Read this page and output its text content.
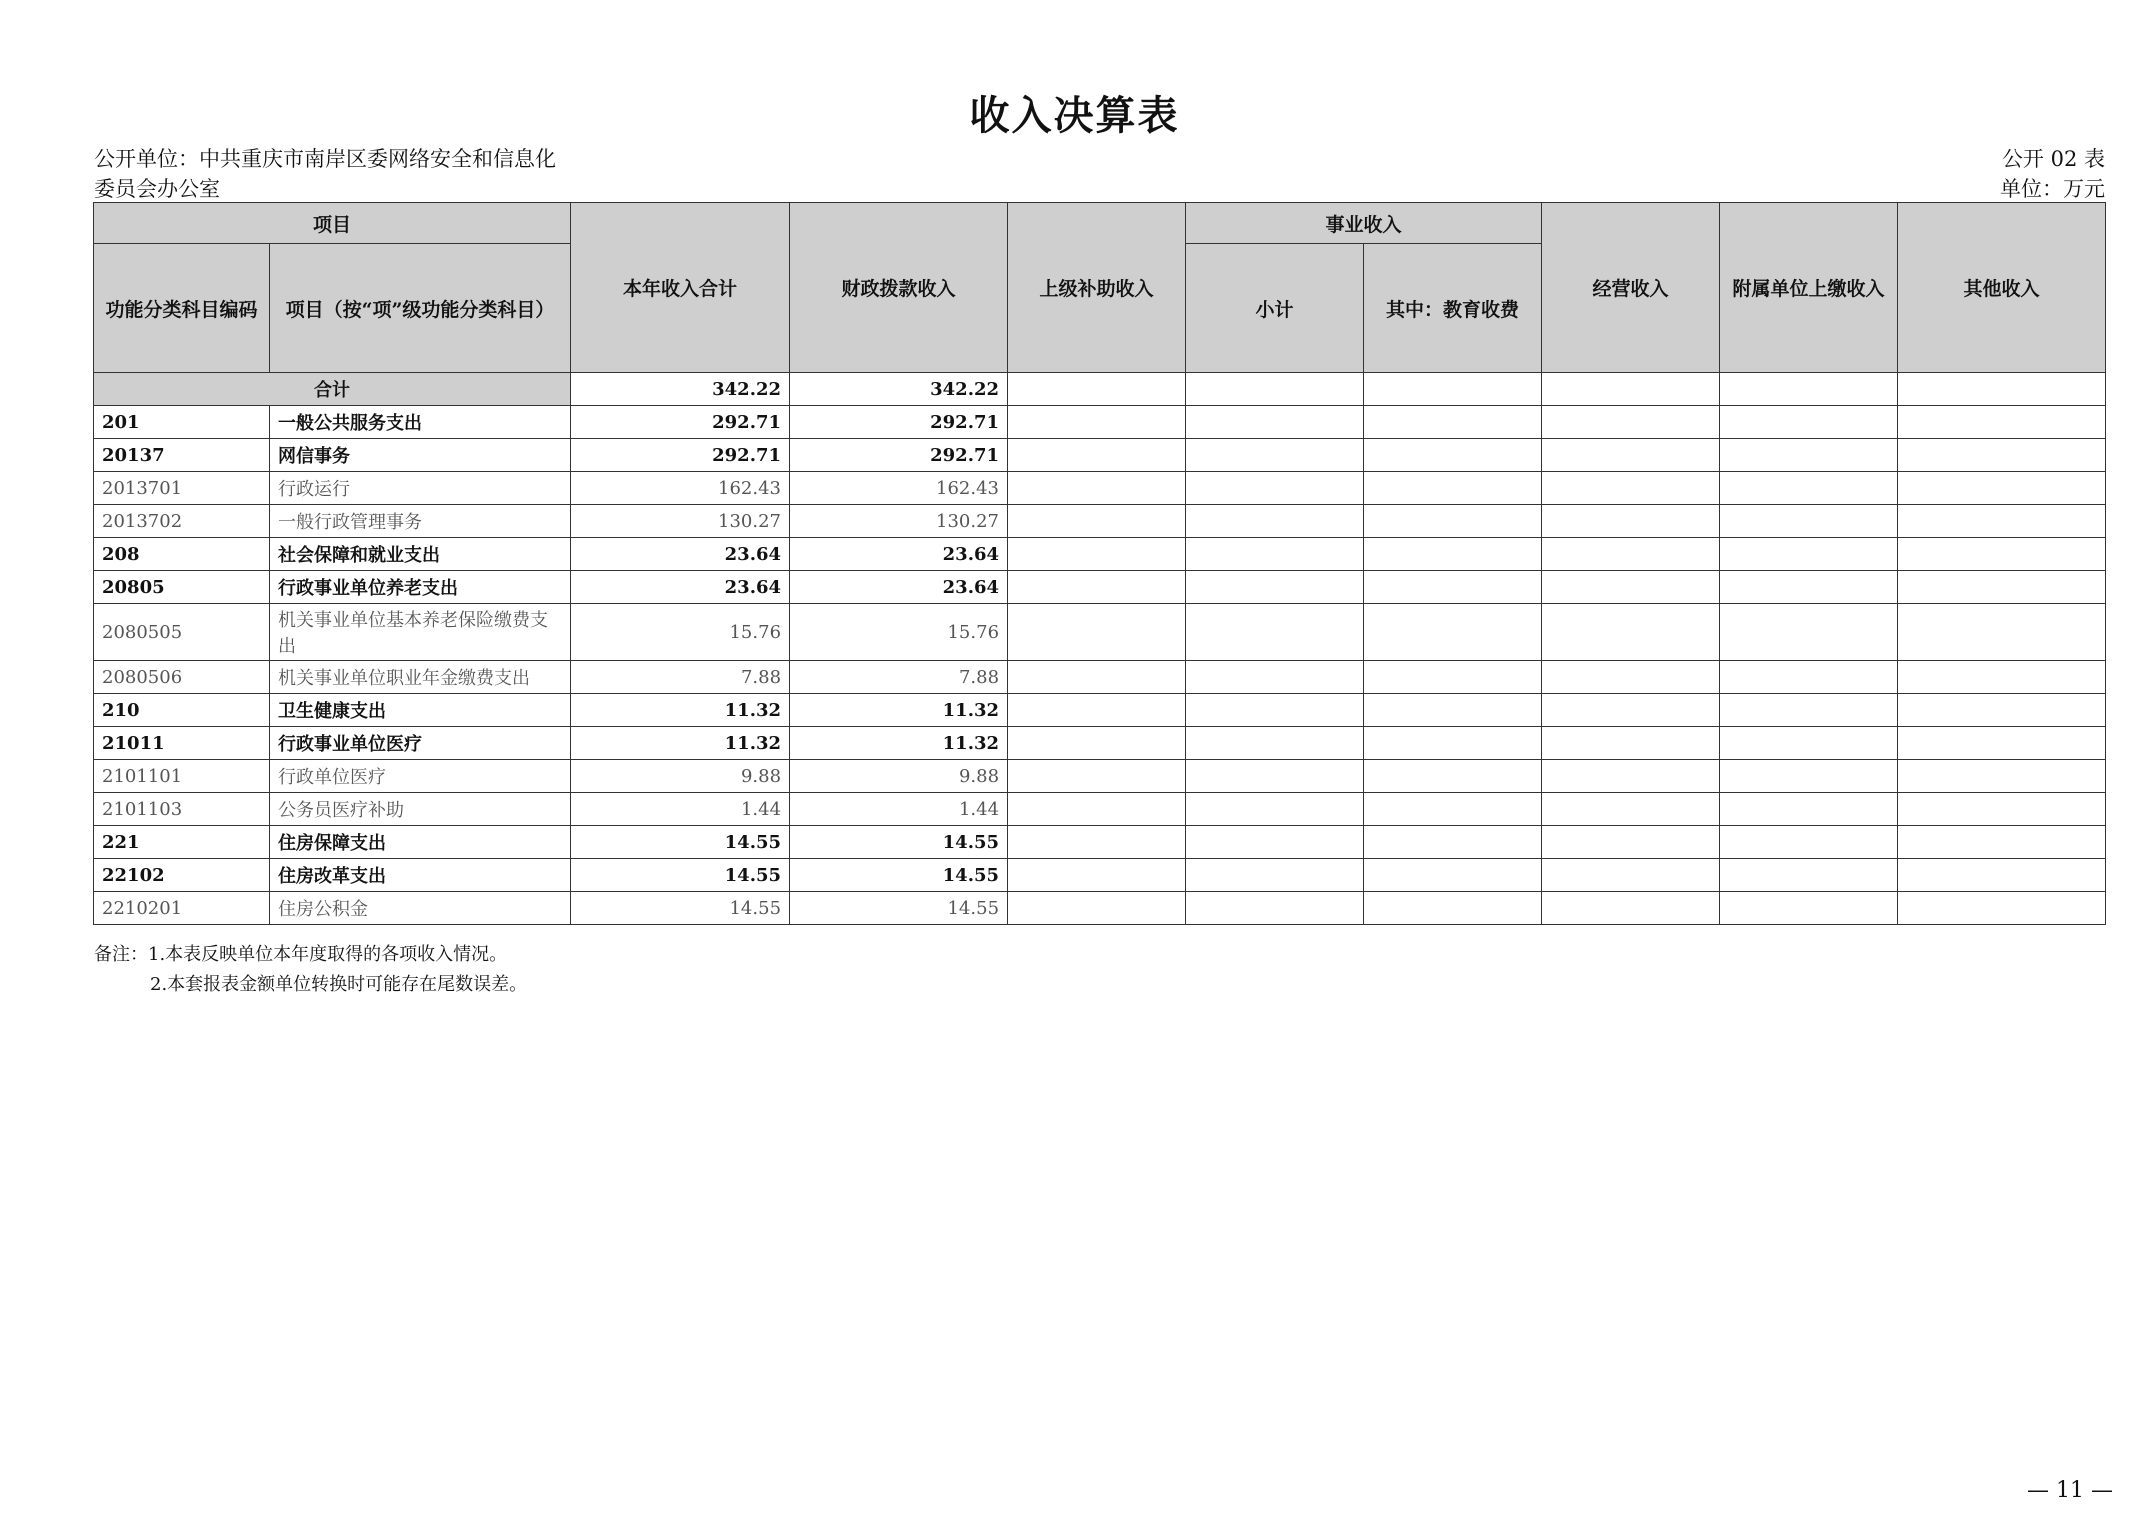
收入决算表
公开单位：中共重庆市南岸区委网络安全和信息化
委员会办公室
公开 02 表
单位：万元
项目		本年收入合计	财政拨款收入	上级补助收入	事业收入		经营收入	附属单位上缴收入	其他收入
功能分类科目编码	项目（按“项”级功能分类科目）				小计	其中：教育收费			
合计		342.22	342.22						
201	一般公共服务支出	292.71	292.71						
20137	网信事务	292.71	292.71						
2013701	行政运行	162.43	162.43						
2013702	一般行政管理事务	130.27	130.27						
208	社会保障和就业支出	23.64	23.64						
20805	行政事业单位养老支出	23.64	23.64						
2080505	机关事业单位基本养老保险缴费支出	15.76	15.76						
2080506	机关事业单位职业年金缴费支出	7.88	7.88						
210	卫生健康支出	11.32	11.32						
21011	行政事业单位医疗	11.32	11.32						
2101101	行政单位医疗	9.88	9.88						
2101103	公务员医疗补助	1.44	1.44						
221	住房保障支出	14.55	14.55						
22102	住房改革支出	14.55	14.55						
2210201	住房公积金	14.55	14.55						
备注：1.本表反映单位本年度取得的各项收入情况。
2.本套报表金额单位转换时可能存在尾数误差。
— 11 —
